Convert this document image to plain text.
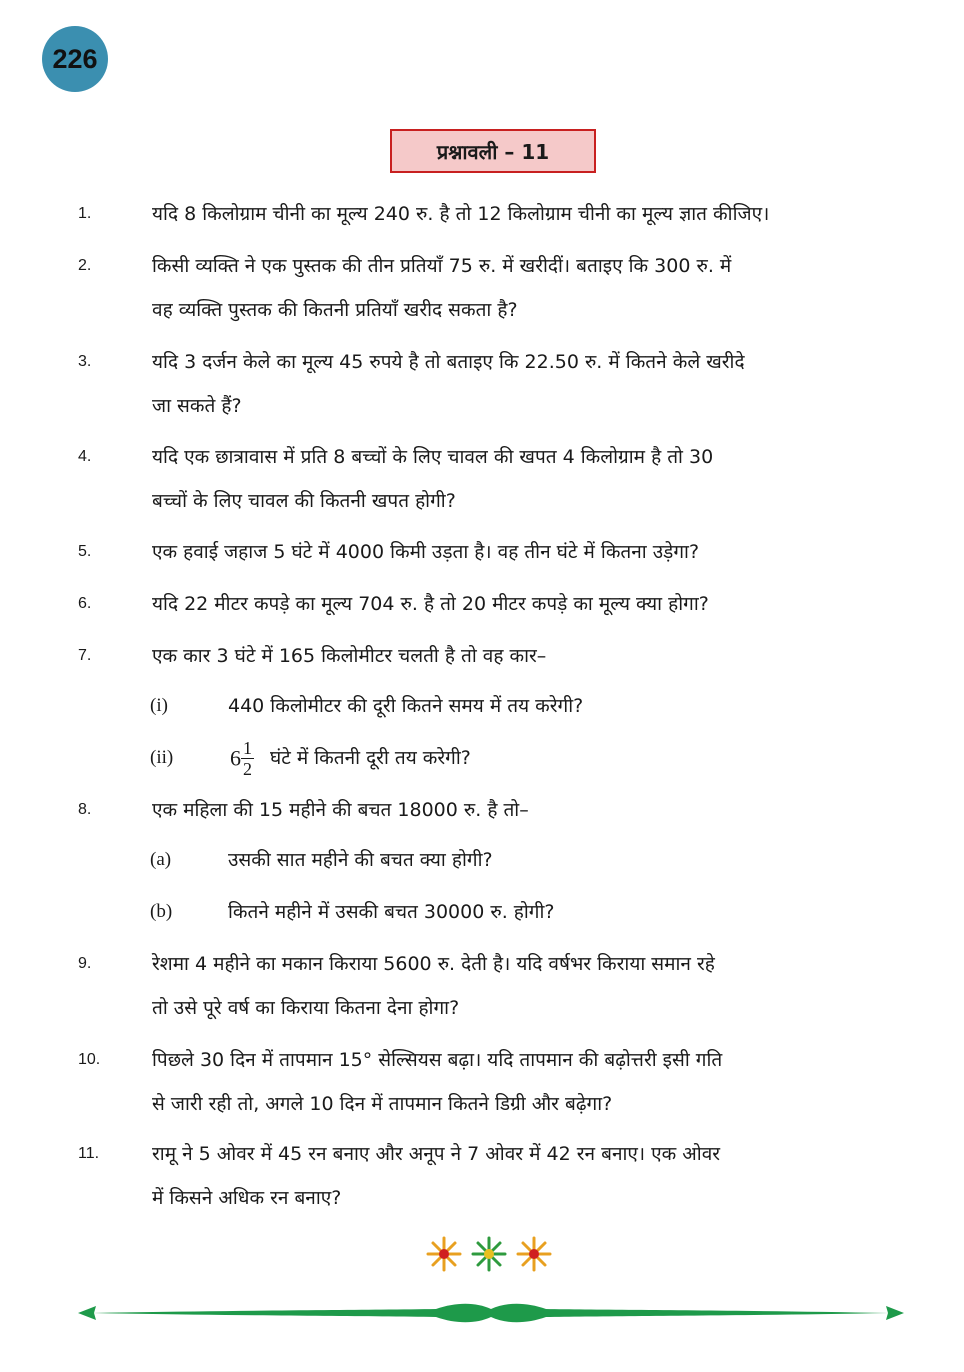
226
प्रश्नावली – 11
1.	यदि 8 किलोग्राम चीनी का मूल्य 240 रु. है तो 12 किलोग्राम चीनी का मूल्य ज्ञात कीजिए।
2.	किसी व्यक्ति ने एक पुस्तक की तीन प्रतियाँ 75 रु. में खरीदीं। बताइए कि 300 रु. में
वह व्यक्ति पुस्तक की कितनी प्रतियाँ खरीद सकता है?
3.	यदि 3 दर्जन केले का मूल्य 45 रुपये है तो बताइए कि 22.50 रु. में कितने केले खरीदे
जा सकते हैं?
4.	यदि एक छात्रावास में प्रति 8 बच्चों के लिए चावल की खपत 4 किलोग्राम है तो 30
बच्चों के लिए चावल की कितनी खपत होगी?
5.	एक हवाई जहाज 5 घंटे में 4000 किमी उड़ता है। वह तीन घंटे में कितना उड़ेगा?
6.	यदि 22 मीटर कपड़े का मूल्य 704 रु. है तो 20 मीटर कपड़े का मूल्य क्या होगा?
7.	एक कार 3 घंटे में 165 किलोमीटर चलती है तो वह कार–
(i)	440 किलोमीटर की दूरी कितने समय में तय करेगी?
(ii)	$6 \frac{1}{2}$ घंटे में कितनी दूरी तय करेगी?
8.	एक महिला की 15 महीने की बचत 18000 रु. है तो–
(a)	उसकी सात महीने की बचत क्या होगी?
(b)	कितने महीने में उसकी बचत 30000 रु. होगी?
9.	रेशमा 4 महीने का मकान किराया 5600 रु. देती है। यदि वर्षभर किराया समान रहे
तो उसे पूरे वर्ष का किराया कितना देना होगा?
10.	पिछले 30 दिन में तापमान 15° सेल्सियस बढ़ा। यदि तापमान की बढ़ोत्तरी इसी गति
से जारी रही तो, अगले 10 दिन में तापमान कितने डिग्री और बढ़ेगा?
11.	रामू ने 5 ओवर में 45 रन बनाए और अनूप ने 7 ओवर में 42 रन बनाए। एक ओवर
में किसने अधिक रन बनाए?
